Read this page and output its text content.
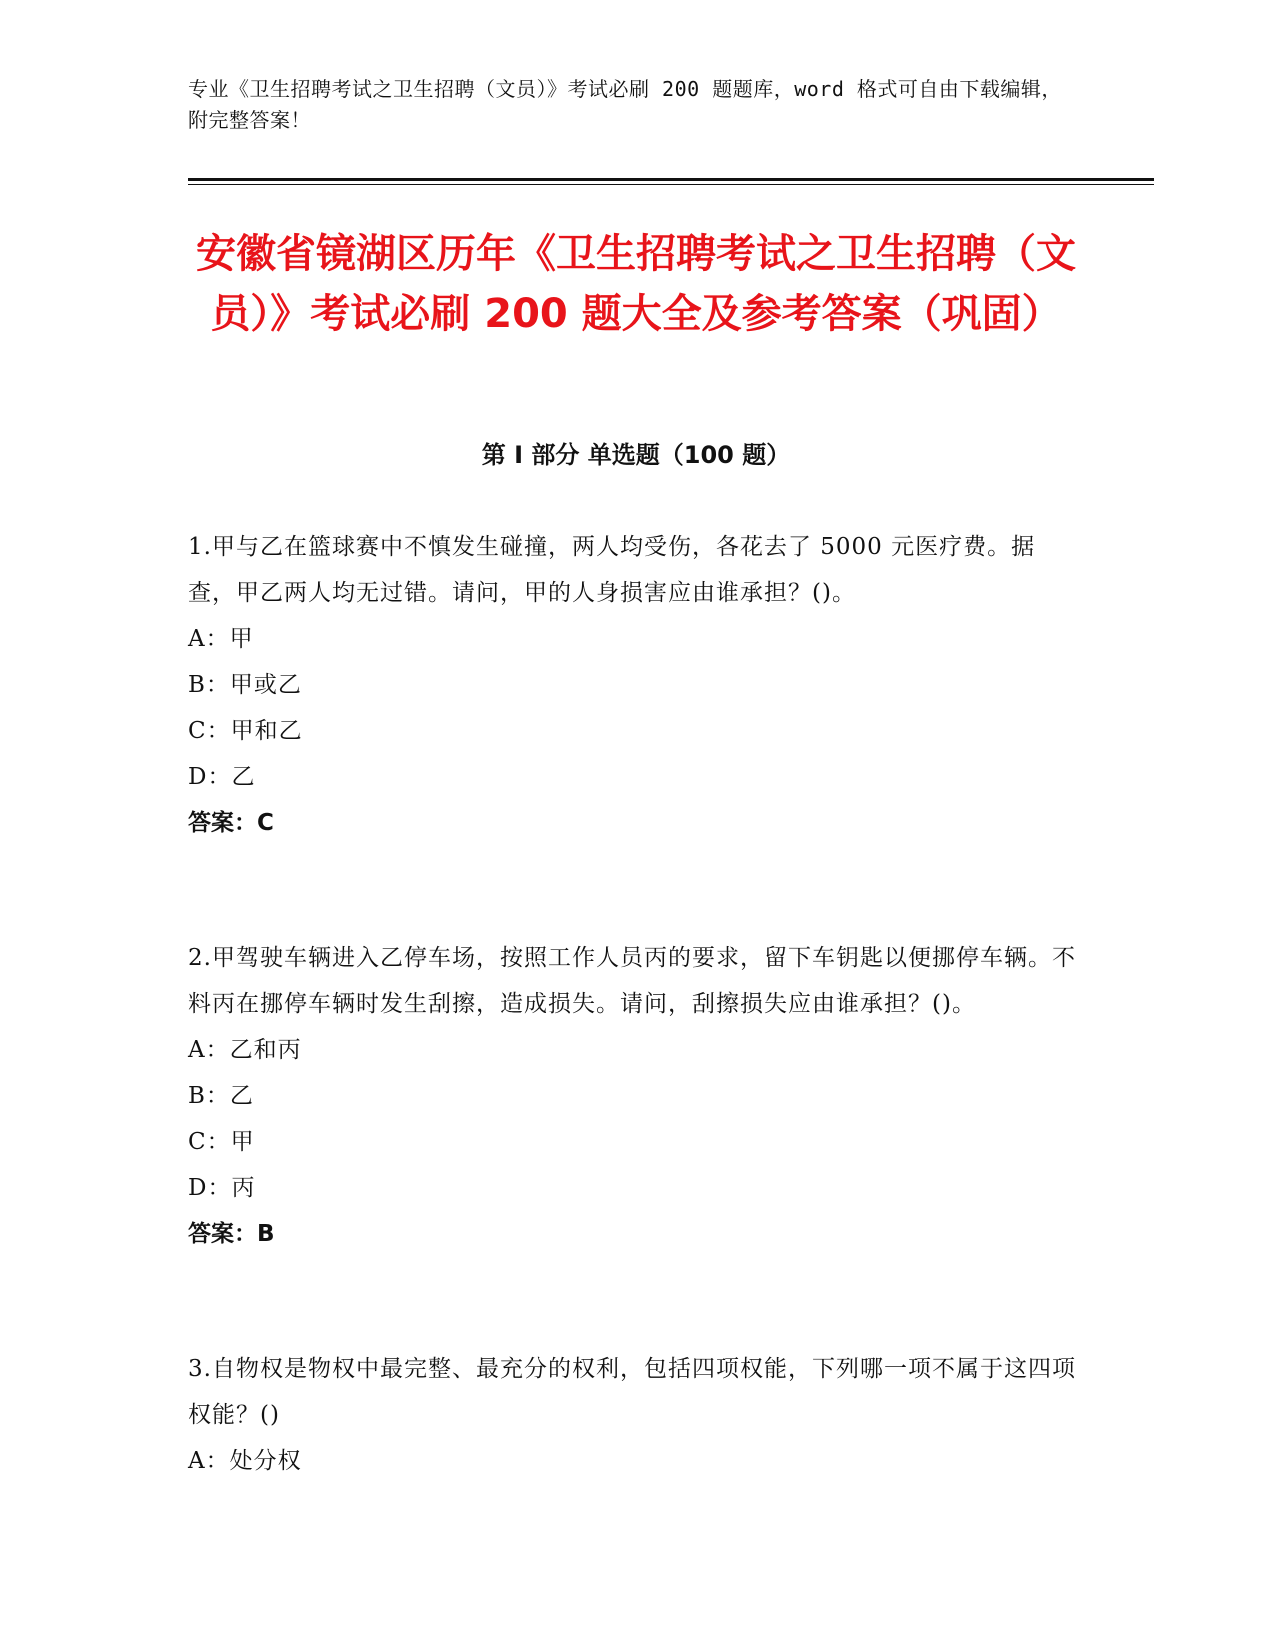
专业《卫生招聘考试之卫生招聘（文员）》考试必刷 200 题题库，word 格式可自由下载编辑，附完整答案！
安徽省镜湖区历年《卫生招聘考试之卫生招聘（文员）》考试必刷 200 题大全及参考答案（巩固）
第 I 部分 单选题（100 题）
1.甲与乙在篮球赛中不慎发生碰撞，两人均受伤，各花去了 5000 元医疗费。据查，甲乙两人均无过错。请问，甲的人身损害应由谁承担？()。
A：甲
B：甲或乙
C：甲和乙
D：乙
答案：C
2.甲驾驶车辆进入乙停车场，按照工作人员丙的要求，留下车钥匙以便挪停车辆。不料丙在挪停车辆时发生刮擦，造成损失。请问，刮擦损失应由谁承担？()。
A：乙和丙
B：乙
C：甲
D：丙
答案：B
3.自物权是物权中最完整、最充分的权利，包括四项权能，下列哪一项不属于这四项权能？()
A：处分权
